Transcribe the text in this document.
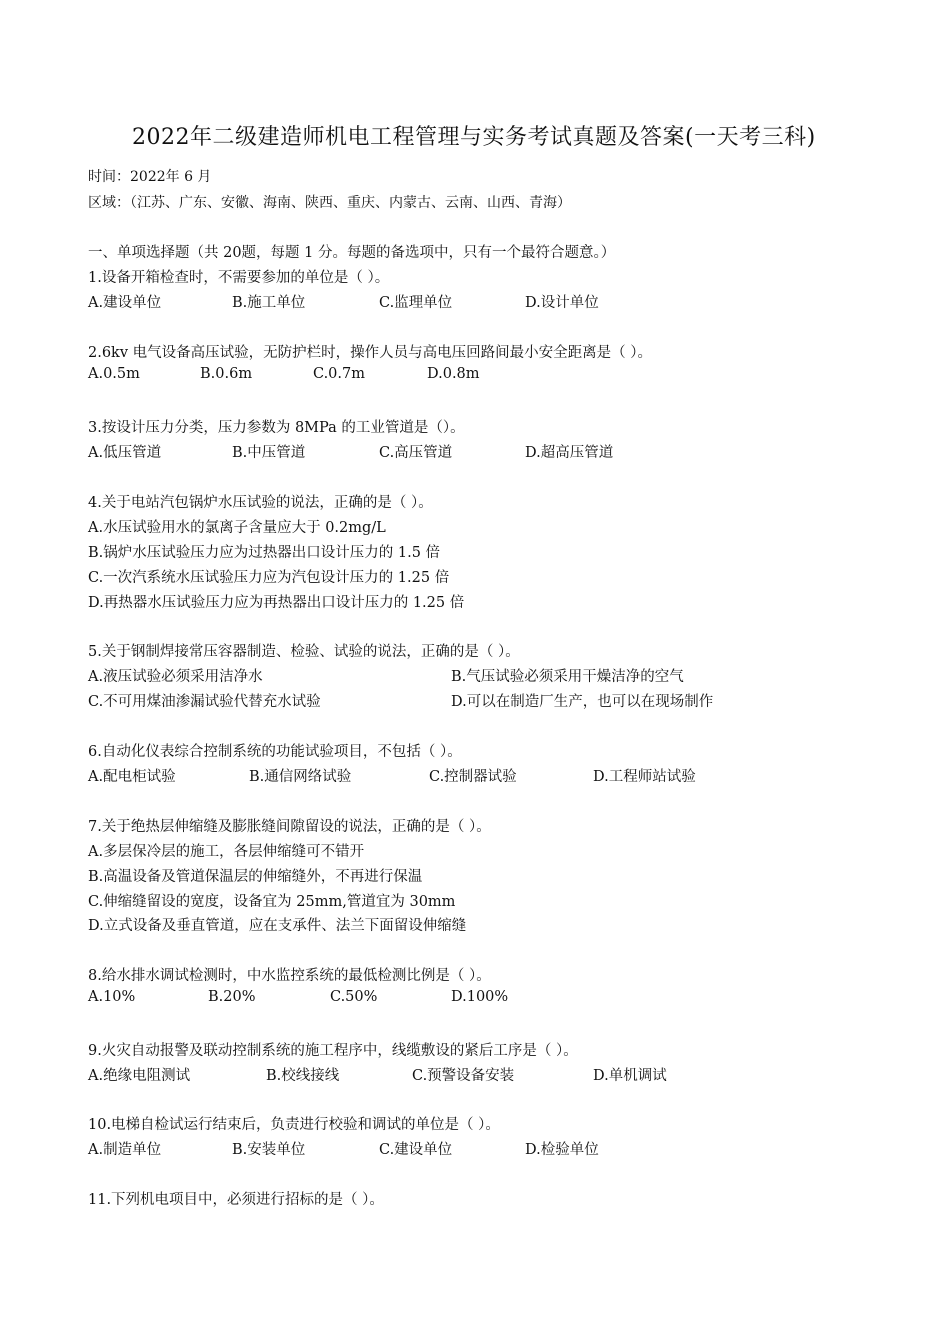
2022年二级建造师机电工程管理与实务考试真题及答案(一天考三科)
时间：2022年 6 月
区域：（江苏、广东、安徽、海南、陕西、重庆、内蒙古、云南、山西、青海）
一、单项选择题（共 20题，每题 1 分。每题的备选项中，只有一个最符合题意。）
1.设备开箱检查时，不需要参加的单位是（ ）。
A.建设单位	B.施工单位	C.监理单位	D.设计单位
2.6kv 电气设备高压试验，无防护栏时，操作人员与高电压回路间最小安全距离是（ ）。
A.0.5m	B.0.6m	C.0.7m	D.0.8m
3.按设计压力分类，压力参数为 8MPa 的工业管道是（）。
A.低压管道	B.中压管道	C.高压管道	D.超高压管道
4.关于电站汽包锅炉水压试验的说法，正确的是（ ）。
A.水压试验用水的氯离子含量应大于 0.2mg/L
B.锅炉水压试验压力应为过热器出口设计压力的 1.5 倍
C.一次汽系统水压试验压力应为汽包设计压力的 1.25 倍
D.再热器水压试验压力应为再热器出口设计压力的 1.25 倍
5.关于钢制焊接常压容器制造、检验、试验的说法，正确的是（ ）。
A.液压试验必须采用洁净水	B.气压试验必须采用干燥洁净的空气
C.不可用煤油渗漏试验代替充水试验	D.可以在制造厂生产，也可以在现场制作
6.自动化仪表综合控制系统的功能试验项目，不包括（ ）。
A.配电柜试验	B.通信网络试验	C.控制器试验	D.工程师站试验
7.关于绝热层伸缩缝及膨胀缝间隙留设的说法，正确的是（ ）。
A.多层保冷层的施工，各层伸缩缝可不错开
B.高温设备及管道保温层的伸缩缝外，不再进行保温
C.伸缩缝留设的宽度，设备宜为 25mm,管道宜为 30mm
D.立式设备及垂直管道，应在支承件、法兰下面留设伸缩缝
8.给水排水调试检测时，中水监控系统的最低检测比例是（ ）。
A.10%	B.20%	C.50%	D.100%
9.火灾自动报警及联动控制系统的施工程序中，线缆敷设的紧后工序是（ ）。
A.绝缘电阻测试	B.校线接线	C.预警设备安装	D.单机调试
10.电梯自检试运行结束后，负责进行校验和调试的单位是（ ）。
A.制造单位	B.安装单位	C.建设单位	D.检验单位
11.下列机电项目中，必须进行招标的是（ ）。
